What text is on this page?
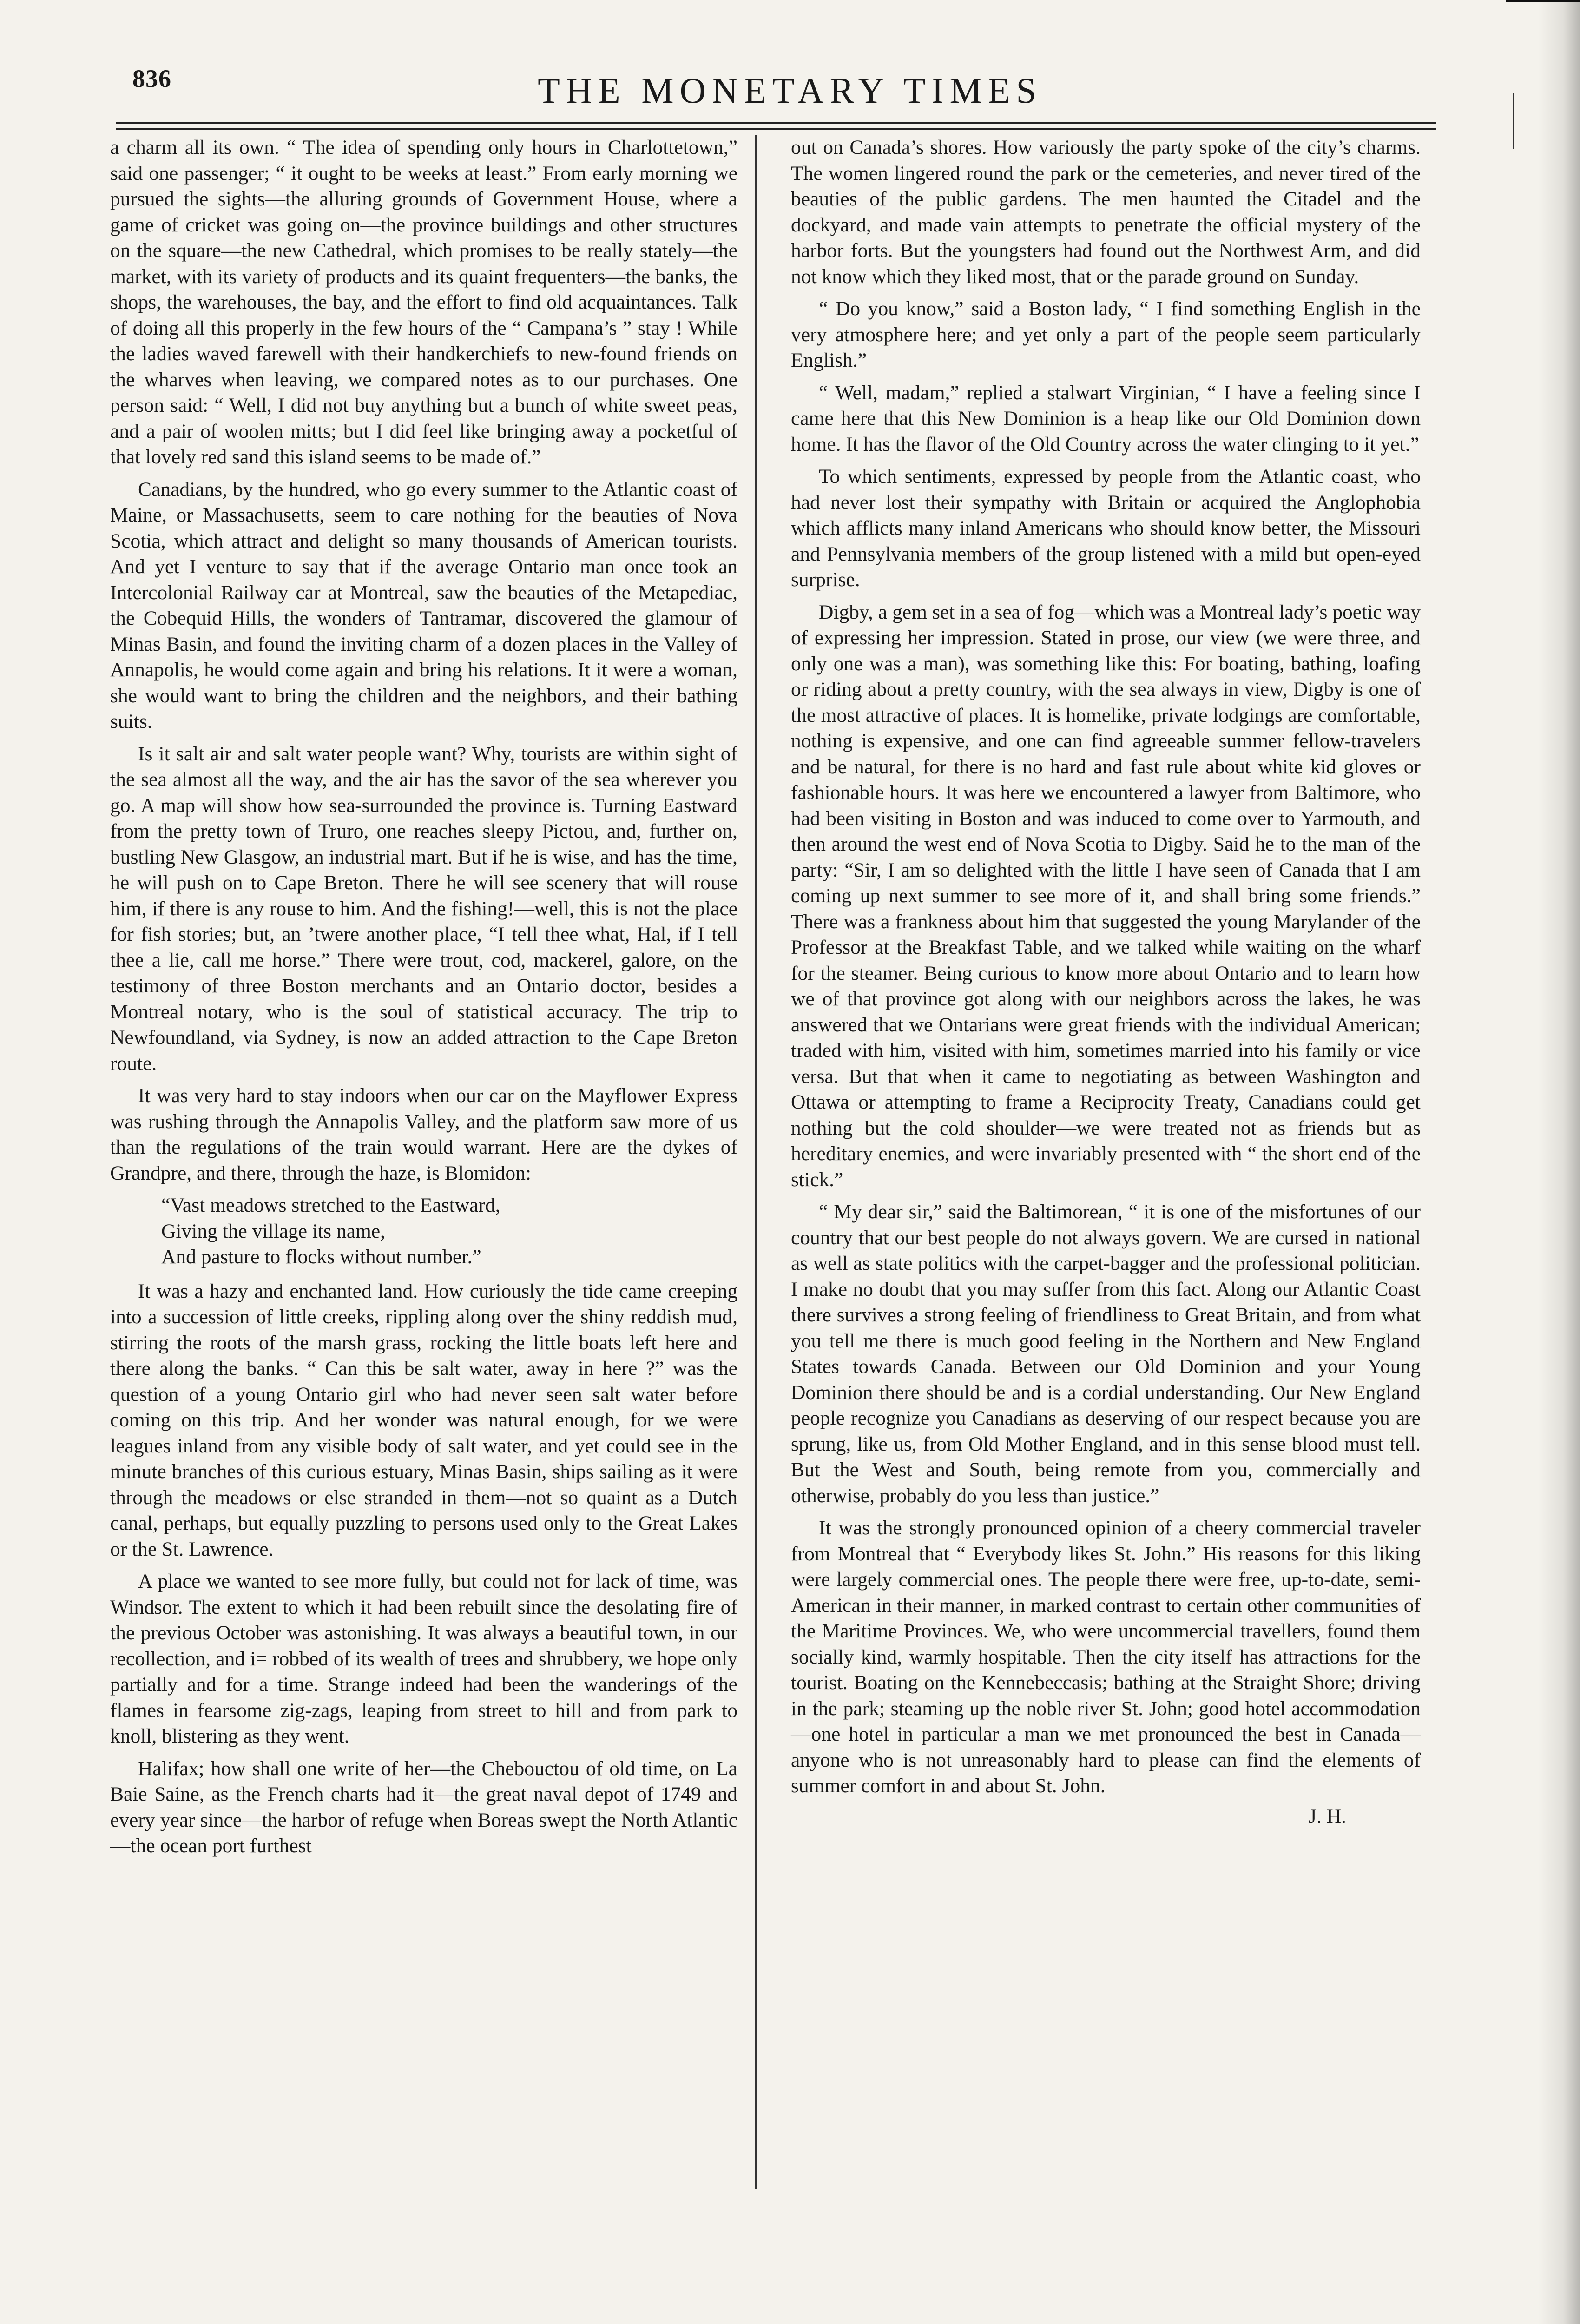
836	THE MONETARY TIMES

a charm all its own. “ The idea of spending only hours in Charlottetown,” said one passenger; “ it ought to be weeks at least.” From early morning we pursued the sights—the alluring grounds of Government House, where a game of cricket was going on—the province buildings and other structures on the square—the new Cathedral, which promises to be really stately—the market, with its variety of products and its quaint frequenters—the banks, the shops, the warehouses, the bay, and the effort to find old acquaintances. Talk of doing all this properly in the few hours of the “ Campana’s ” stay ! While the ladies waved farewell with their handkerchiefs to new-found friends on the wharves when leaving, we compared notes as to our purchases. One person said: “ Well, I did not buy anything but a bunch of white sweet peas, and a pair of woolen mitts; but I did feel like bringing away a pocketful of that lovely red sand this island seems to be made of.”

Canadians, by the hundred, who go every summer to the Atlantic coast of Maine, or Massachusetts, seem to care nothing for the beauties of Nova Scotia, which attract and delight so many thousands of American tourists. And yet I venture to say that if the average Ontario man once took an Intercolonial Railway car at Montreal, saw the beauties of the Metapediac, the Cobequid Hills, the wonders of Tantramar, discovered the glamour of Minas Basin, and found the inviting charm of a dozen places in the Valley of Annapolis, he would come again and bring his relations. It it were a woman, she would want to bring the children and the neighbors, and their bathing suits.

Is it salt air and salt water people want? Why, tourists are within sight of the sea almost all the way, and the air has the savor of the sea wherever you go. A map will show how sea-surrounded the province is. Turning Eastward from the pretty town of Truro, one reaches sleepy Pictou, and, further on, bustling New Glasgow, an industrial mart. But if he is wise, and has the time, he will push on to Cape Breton. There he will see scenery that will rouse him, if there is any rouse to him. And the fishing!—well, this is not the place for fish stories; but, an ’twere another place, “I tell thee what, Hal, if I tell thee a lie, call me horse.” There were trout, cod, mackerel, galore, on the testimony of three Boston merchants and an Ontario doctor, besides a Montreal notary, who is the soul of statistical accuracy. The trip to Newfoundland, via Sydney, is now an added attraction to the Cape Breton route.

It was very hard to stay indoors when our car on the Mayflower Express was rushing through the Annapolis Valley, and the platform saw more of us than the regulations of the train would warrant. Here are the dykes of Grandpre, and there, through the haze, is Blomidon:

“Vast meadows stretched to the Eastward,
Giving the village its name,
And pasture to flocks without number.”

It was a hazy and enchanted land. How curiously the tide came creeping into a succession of little creeks, rippling along over the shiny reddish mud, stirring the roots of the marsh grass, rocking the little boats left here and there along the banks. “ Can this be salt water, away in here ?” was the question of a young Ontario girl who had never seen salt water before coming on this trip. And her wonder was natural enough, for we were leagues inland from any visible body of salt water, and yet could see in the minute branches of this curious estuary, Minas Basin, ships sailing as it were through the meadows or else stranded in them—not so quaint as a Dutch canal, perhaps, but equally puzzling to persons used only to the Great Lakes or the St. Lawrence.

A place we wanted to see more fully, but could not for lack of time, was Windsor. The extent to which it had been rebuilt since the desolating fire of the previous October was astonishing. It was always a beautiful town, in our recollection, and i= robbed of its wealth of trees and shrubbery, we hope only partially and for a time. Strange indeed had been the wanderings of the flames in fearsome zig-zags, leaping from street to hill and from park to knoll, blistering as they went.

Halifax; how shall one write of her—the Chebouctou of old time, on La Baie Saine, as the French charts had it—the great naval depot of 1749 and every year since—the harbor of refuge when Boreas swept the North Atlantic—the ocean port furthest

out on Canada’s shores. How variously the party spoke of the city’s charms. The women lingered round the park or the cemeteries, and never tired of the beauties of the public gardens. The men haunted the Citadel and the dockyard, and made vain attempts to penetrate the official mystery of the harbor forts. But the youngsters had found out the Northwest Arm, and did not know which they liked most, that or the parade ground on Sunday.

“ Do you know,” said a Boston lady, “ I find something English in the very atmosphere here; and yet only a part of the people seem particularly English.”

“ Well, madam,” replied a stalwart Virginian, “ I have a feeling since I came here that this New Dominion is a heap like our Old Dominion down home. It has the flavor of the Old Country across the water clinging to it yet.”

To which sentiments, expressed by people from the Atlantic coast, who had never lost their sympathy with Britain or acquired the Anglophobia which afflicts many inland Americans who should know better, the Missouri and Pennsylvania members of the group listened with a mild but open-eyed surprise.

Digby, a gem set in a sea of fog—which was a Montreal lady’s poetic way of expressing her impression. Stated in prose, our view (we were three, and only one was a man), was something like this: For boating, bathing, loafing or riding about a pretty country, with the sea always in view, Digby is one of the most attractive of places. It is homelike, private lodgings are comfortable, nothing is expensive, and one can find agreeable summer fellow-travelers and be natural, for there is no hard and fast rule about white kid gloves or fashionable hours. It was here we encountered a lawyer from Baltimore, who had been visiting in Boston and was induced to come over to Yarmouth, and then around the west end of Nova Scotia to Digby. Said he to the man of the party: “Sir, I am so delighted with the little I have seen of Canada that I am coming up next summer to see more of it, and shall bring some friends.” There was a frankness about him that suggested the young Marylander of the Professor at the Breakfast Table, and we talked while waiting on the wharf for the steamer. Being curious to know more about Ontario and to learn how we of that province got along with our neighbors across the lakes, he was answered that we Ontarians were great friends with the individual American; traded with him, visited with him, sometimes married into his family or vice versa. But that when it came to negotiating as between Washington and Ottawa or attempting to frame a Reciprocity Treaty, Canadians could get nothing but the cold shoulder—we were treated not as friends but as hereditary enemies, and were invariably presented with “ the short end of the stick.”

“ My dear sir,” said the Baltimorean, “ it is one of the misfortunes of our country that our best people do not always govern. We are cursed in national as well as state politics with the carpet-bagger and the professional politician. I make no doubt that you may suffer from this fact. Along our Atlantic Coast there survives a strong feeling of friendliness to Great Britain, and from what you tell me there is much good feeling in the Northern and New England States towards Canada. Between our Old Dominion and your Young Dominion there should be and is a cordial understanding. Our New England people recognize you Canadians as deserving of our respect because you are sprung, like us, from Old Mother England, and in this sense blood must tell. But the West and South, being remote from you, commercially and otherwise, probably do you less than justice.”

It was the strongly pronounced opinion of a cheery commercial traveler from Montreal that “ Everybody likes St. John.” His reasons for this liking were largely commercial ones. The people there were free, up-to-date, semi-American in their manner, in marked contrast to certain other communities of the Maritime Provinces. We, who were uncommercial travellers, found them socially kind, warmly hospitable. Then the city itself has attractions for the tourist. Boating on the Kennebeccasis; bathing at the Straight Shore; driving in the park; steaming up the noble river St. John; good hotel accommodation —one hotel in particular a man we met pronounced the best in Canada—anyone who is not unreasonably hard to please can find the elements of summer comfort in and about St. John.

J. H.
